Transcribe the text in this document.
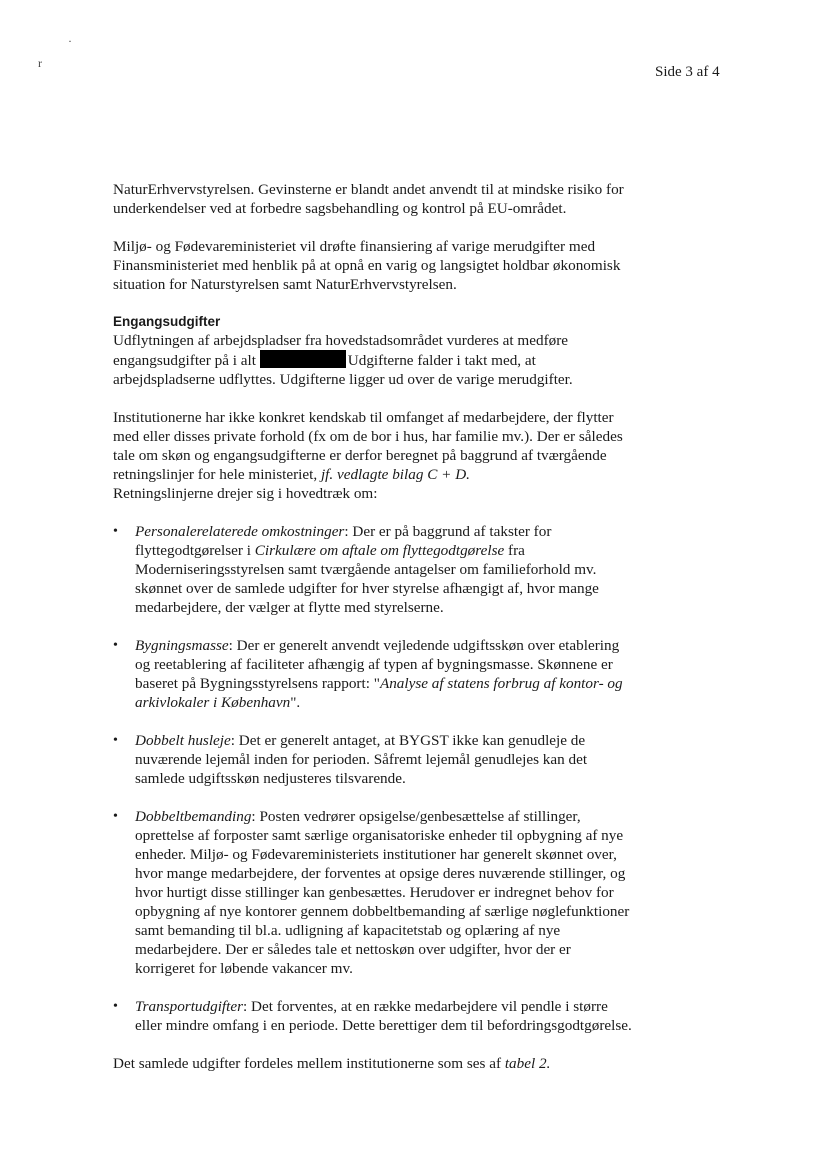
·
r
Side 3 af 4

NaturErhvervstyrelsen. Gevinsterne er blandt andet anvendt til at mindske risiko for underkendelser ved at forbedre sagsbehandling og kontrol på EU-området.

Miljø- og Fødevareministeriet vil drøfte finansiering af varige merudgifter med Finansministeriet med henblik på at opnå en varig og langsigtet holdbar økonomisk situation for Naturstyrelsen samt NaturErhvervstyrelsen.

Engangsudgifter

Udflytningen af arbejdspladser fra hovedstadsområdet vurderes at medføre engangsudgifter på i alt	Udgifterne falder i takt med, at arbejdspladserne udflyttes. Udgifterne ligger ud over de varige merudgifter.

Institutionerne har ikke konkret kendskab til omfanget af medarbejdere, der flytter med eller disses private forhold (fx om de bor i hus, har familie mv.). Der er således tale om skøn og engangsudgifterne er derfor beregnet på baggrund af tværgående retningslinjer for hele ministeriet, jf. vedlagte bilag C + D.
Retningslinjerne drejer sig i hovedtræk om:

• Personalerelaterede omkostninger: Der er på baggrund af takster for flyttegodtgørelser i Cirkulære om aftale om flyttegodtgørelse fra Moderniseringsstyrelsen samt tværgående antagelser om familieforhold mv. skønnet over de samlede udgifter for hver styrelse afhængigt af, hvor mange medarbejdere, der vælger at flytte med styrelserne.
• Bygningsmasse: Der er generelt anvendt vejledende udgiftsskøn over etablering og reetablering af faciliteter afhængig af typen af bygningsmasse. Skønnene er baseret på Bygningsstyrelsens rapport: "Analyse af statens forbrug af kontor- og arkivlokaler i København".
• Dobbelt husleje: Det er generelt antaget, at BYGST ikke kan genudleje de nuværende lejemål inden for perioden. Såfremt lejemål genudlejes kan det samlede udgiftsskøn nedjusteres tilsvarende.
• Dobbeltbemanding: Posten vedrører opsigelse/genbesættelse af stillinger, oprettelse af forposter samt særlige organisatoriske enheder til opbygning af nye enheder. Miljø- og Fødevareministeriets institutioner har generelt skønnet over, hvor mange medarbejdere, der forventes at opsige deres nuværende stillinger, og hvor hurtigt disse stillinger kan genbesættes. Herudover er indregnet behov for opbygning af nye kontorer gennem dobbeltbemanding af særlige nøglefunktioner samt bemanding til bl.a. udligning af kapacitetstab og oplæring af nye medarbejdere. Der er således tale et nettoskøn over udgifter, hvor der er korrigeret for løbende vakancer mv.
• Transportudgifter: Det forventes, at en række medarbejdere vil pendle i større eller mindre omfang i en periode. Dette berettiger dem til befordringsgodtgørelse.

Det samlede udgifter fordeles mellem institutionerne som ses af tabel 2.
